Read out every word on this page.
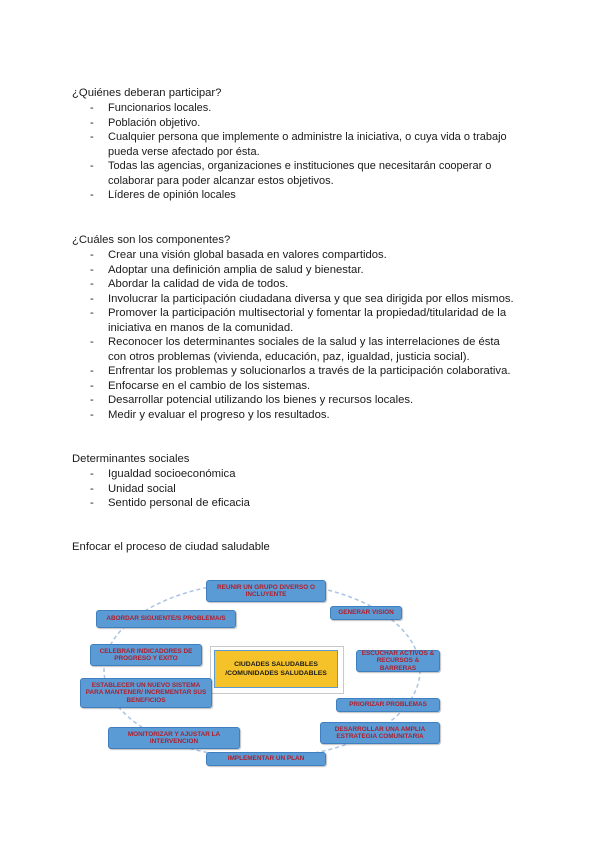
¿Quiénes deberan participar?

- Funcionarios locales.
- Población objetivo.
- Cualquier persona que implemente o administre la iniciativa, o cuya vida o trabajo pueda verse afectado por ésta.
- Todas las agencias, organizaciones e instituciones que necesitarán cooperar o colaborar para poder alcanzar estos objetivos.
- Líderes de opinión locales

¿Cuáles son los componentes?

- Crear una visión global basada en valores compartidos.
- Adoptar una definición amplia de salud y bienestar.
- Abordar la calidad de vida de todos.
- Involucrar la participación ciudadana diversa y que sea dirigida por ellos mismos.
- Promover la participación multisectorial y fomentar la propiedad/titularidad de la iniciativa en manos de la comunidad.
- Reconocer los determinantes sociales de la salud y las interrelaciones de ésta con otros problemas (vivienda, educación, paz, igualdad, justicia social).
- Enfrentar los problemas y solucionarlos a través de la participación colaborativa.
- Enfocarse en el cambio de los sistemas.
- Desarrollar potencial utilizando los bienes y recursos locales.
- Medir y evaluar el progreso y los resultados.

Determinantes sociales

- Igualdad socioeconómica
- Unidad social
- Sentido personal de eficacia

Enfocar el proceso de ciudad saludable

CIUDADES SALUDABLES /COMUNIDADES SALUDABLES
REUNIR UN GRUPO DIVERSO O INCLUYENTE
GENERAR VISION
ESCUCHAR ACTIVOS & RECURSOS & BARRERAS
PRIORIZAR PROBLEMAS
DESARROLLAR UNA AMPLIA ESTRATEGIA COMUNITARIA
IMPLEMENTAR UN PLAN
MONITORIZAR Y AJUSTAR LA INTERVENCION
ESTABLECER UN NUEVO SISTEMA PARA MANTENER/ INCREMENTAR SUS BENEFICIOS
CELEBRAR INDICADORES DE PROGRESO Y EXITO
ABORDAR SIGUIENTE/S PROBLEMA/S
